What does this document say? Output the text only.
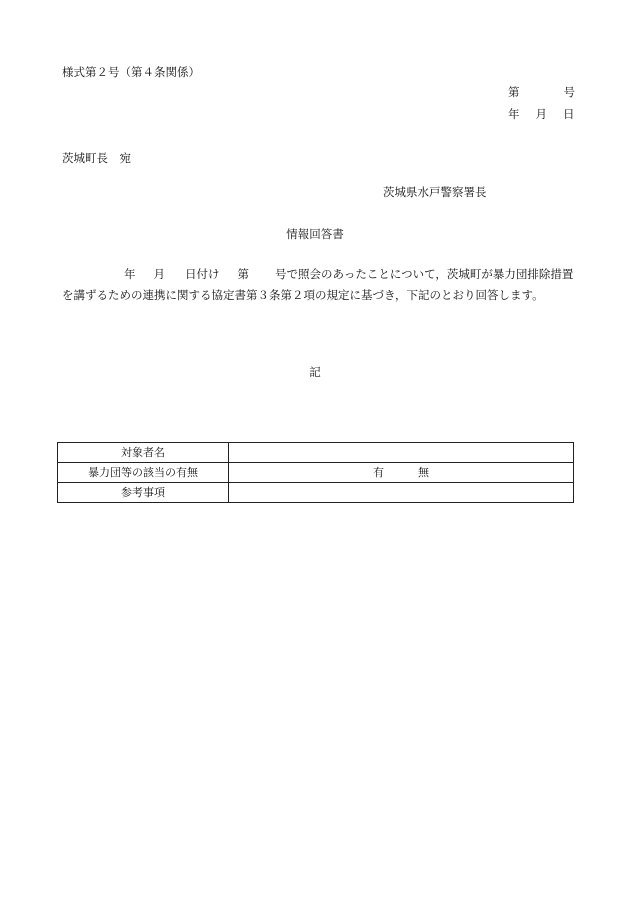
様式第２号（第４条関係）
第	号
年 月 日
茨城町長　宛
茨城県水戸警察署長
情報回答書
年 月 日付け 第 号で照会のあったことについて，茨城町が暴力団排除措置を講ずるための連携に関する協定書第３条第２項の規定に基づき，下記のとおり回答します。
記
対象者名	
暴力団等の該当の有無	有 無
参考事項	
